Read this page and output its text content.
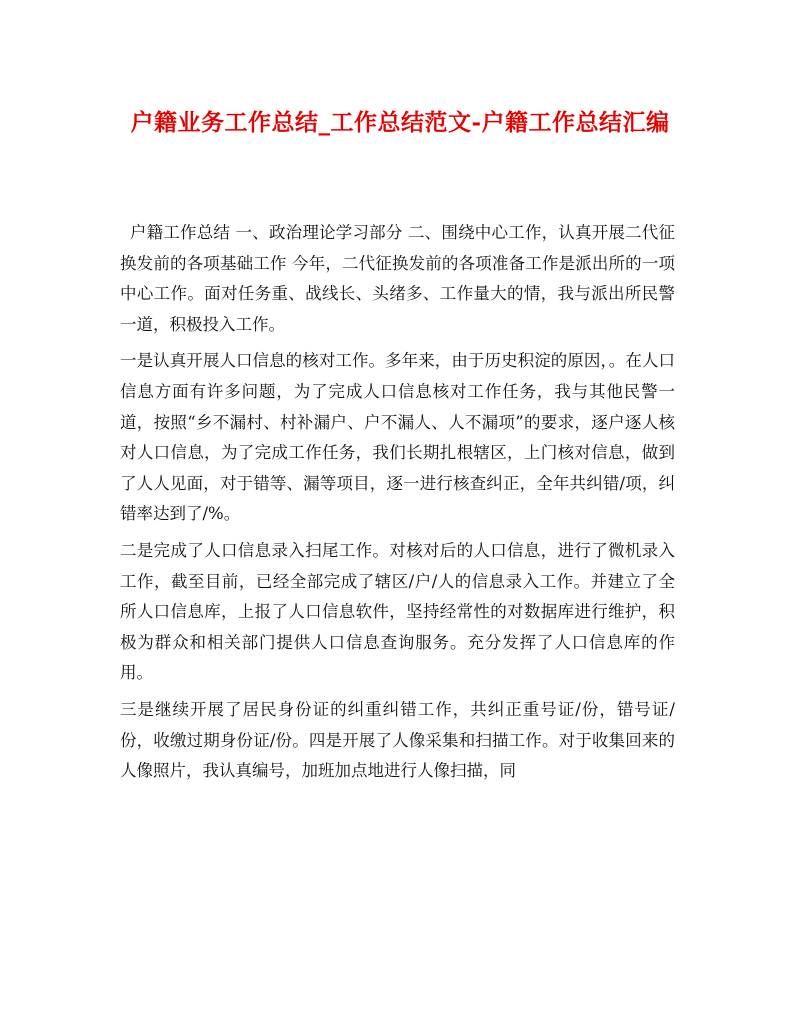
户籍业务工作总结_工作总结范文-户籍工作总结汇编

户籍工作总结 一、政治理论学习部分 二、围绕中心工作，认真开展二代征换发前的各项基础工作 今年，二代征换发前的各项准备工作是派出所的一项中心工作。面对任务重、战线长、头绪多、工作量大的情，我与派出所民警一道，积极投入工作。

一是认真开展人口信息的核对工作。多年来，由于历史积淀的原因，。在人口信息方面有许多问题，为了完成人口信息核对工作任务，我与其他民警一道，按照“乡不漏村、村补漏户、户不漏人、人不漏项”的要求，逐户逐人核对人口信息，为了完成工作任务，我们长期扎根辖区，上门核对信息，做到了人人见面，对于错等、漏等项目，逐一进行核查纠正，全年共纠错/项，纠错率达到了/%。

二是完成了人口信息录入扫尾工作。对核对后的人口信息，进行了微机录入工作，截至目前，已经全部完成了辖区/户/人的信息录入工作。并建立了全所人口信息库，上报了人口信息软件，坚持经常性的对数据库进行维护，积极为群众和相关部门提供人口信息查询服务。充分发挥了人口信息库的作用。

三是继续开展了居民身份证的纠重纠错工作，共纠正重号证/份，错号证/份，收缴过期身份证/份。四是开展了人像采集和扫描工作。对于收集回来的人像照片，我认真编号，加班加点地进行人像扫描，同
